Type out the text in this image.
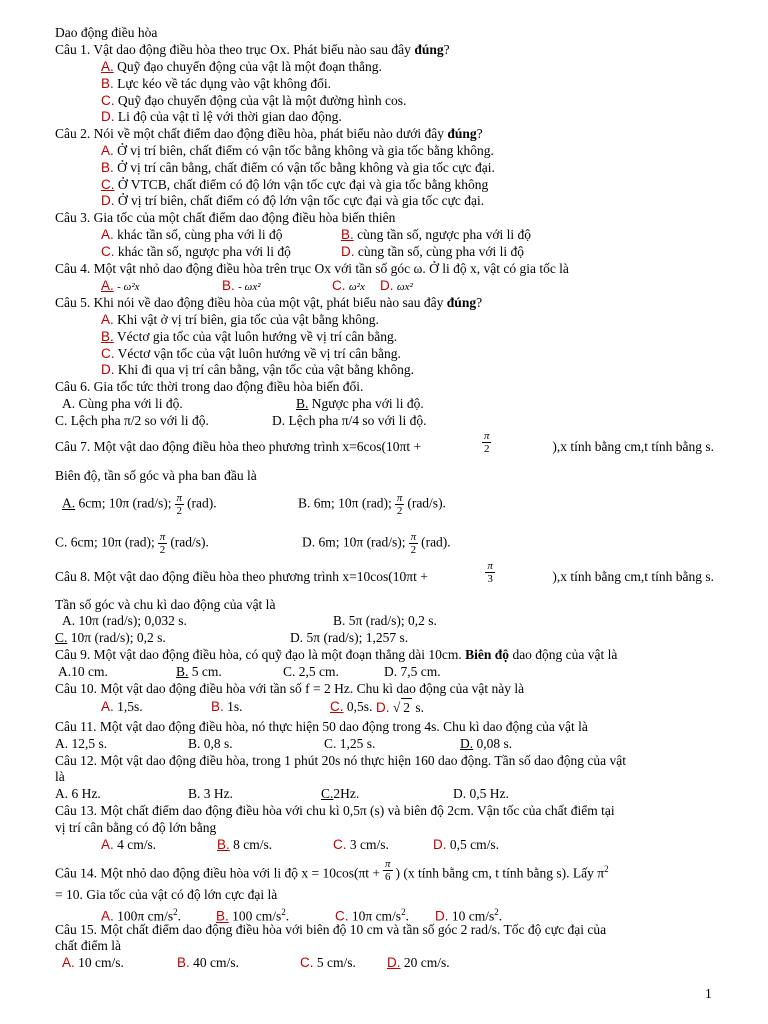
Dao động điều hòa
Câu 1. Vật dao động điều hòa theo trục Ox. Phát biểu nào sau đây đúng?
A. Quỹ đạo chuyển động của vật là một đoạn thẳng.
B. Lực kéo về tác dụng vào vật không đổi.
C. Quỹ đạo chuyển động của vật là một đường hình cos.
D. Li độ của vật tỉ lệ với thời gian dao động.
Câu 2. Nói về một chất điểm dao động điều hòa, phát biểu nào dưới đây đúng?
A. Ở vị trí biên, chất điểm có vận tốc bằng không và gia tốc bằng không.
B. Ở vị trí cân bằng, chất điểm có vận tốc bằng không và gia tốc cực đại.
C. Ở VTCB, chất điểm có độ lớn vận tốc cực đại và gia tốc bằng không
D. Ở vị trí biên, chất điểm có độ lớn vận tốc cực đại và gia tốc cực đại.
Câu 3. Gia tốc của một chất điểm dao động điều hòa biến thiên
A. khác tần số, cùng pha với li độ	B. cùng tần số, ngược pha với li độ
C. khác tần số, ngược pha với li độ	D. cùng tần số, cùng pha với li độ
Câu 4. Một vật nhỏ dao động điều hòa trên trục Ox với tần số góc ω. Ở li độ x, vật có gia tốc là
A. - ω²x	B. - ωx²	C. ω²x D. ωx²
Câu 5. Khi nói về dao động điều hòa của một vật, phát biểu nào sau đây đúng?
A. Khi vật ở vị trí biên, gia tốc của vật bằng không.
B. Véctơ gia tốc của vật luôn hướng về vị trí cân bằng.
C. Véctơ vận tốc của vật luôn hướng về vị trí cân bằng.
D. Khi đi qua vị trí cân bằng, vận tốc của vật bằng không.
Câu 6. Gia tốc tức thời trong dao động điều hòa biến đổi.
A. Cùng pha với li độ.	B. Ngược pha với li độ.
C. Lệch pha π/2 so với li độ.	D. Lệch pha π/4 so với li độ.
Câu 7. Một vật dao động điều hòa theo phương trình x=6cos(10πt +	$\frac{\pi}{2}$	),x tính bằng cm,t tính bằng s.
Biên độ, tần số góc và pha ban đầu là
A. 6cm; 10π (rad/s); $\frac{\pi}{2} (rad)$.	B. 6m; 10π (rad); $\frac{\pi}{2} (rad/s)$.
C. 6cm; 10π (rad); $\frac{\pi}{2} (rad/s)$.	D. 6m; 10π (rad/s); $\frac{\pi}{2} (rad)$.
Câu 8. Một vật dao động điều hòa theo phương trình x=10cos(10πt +	$\frac{\pi}{3}$	),x tính bằng cm,t tính bằng s.
Tần số góc và chu kì dao động của vật là
A. 10π (rad/s); 0,032 s.	B. 5π (rad/s); 0,2 s.
C. 10π (rad/s); 0,2 s.	D. 5π (rad/s); 1,257 s.
Câu 9. Một vật dao động điều hòa, có quỹ đạo là một đoạn thẳng dài 10cm. Biên độ dao động của vật là
A.10 cm.	B. 5 cm.	C. 2,5 cm.	D. 7,5 cm.
Câu 10. Một vật dao động điều hòa với tần số f = 2 Hz. Chu kì dao động của vật này là
A. 1,5s.	B. 1s.	C. 0,5s. D. √ 2 s.
Câu 11. Một vật dao động điều hòa, nó thực hiện 50 dao động trong 4s. Chu kì dao động của vật là
A. 12,5 s.	B. 0,8 s.	C. 1,25 s.	D. 0,08 s.
Câu 12. Một vật dao động điều hòa, trong 1 phút 20s nó thực hiện 160 dao động. Tần số dao động của vật
là
A. 6 Hz.	B. 3 Hz.	C.2Hz.	D. 0,5 Hz.
Câu 13. Một chất điểm dao động điều hòa với chu kì 0,5π (s) và biên độ 2cm. Vận tốc của chất điểm tại
vị trí cân bằng có độ lớn bằng
A. 4 cm/s.	B. 8 cm/s.	C. 3 cm/s.	D. 0,5 cm/s.
Câu 14. Một nhỏ dao động điều hòa với li độ $x = 10\cos(\pi t + \frac{\pi}{6}$ ) (x tính bằng cm, t tính bằng s). Lấy $\pi^2$
= 10. Gia tốc của vật có độ lớn cực đại là
A. 100π $cm/s^2$.	B. 100 $cm/s^2$.	C. 10π $cm/s^2$. D. 10 $cm/s^2$.
Câu 15. Một chất điểm dao động điều hòa với biên độ 10 cm và tần số góc 2 rad/s. Tốc độ cực đại của
chất điểm là
A. 10 cm/s.	B. 40 cm/s.	C. 5 cm/s. D. 20 cm/s.
1
